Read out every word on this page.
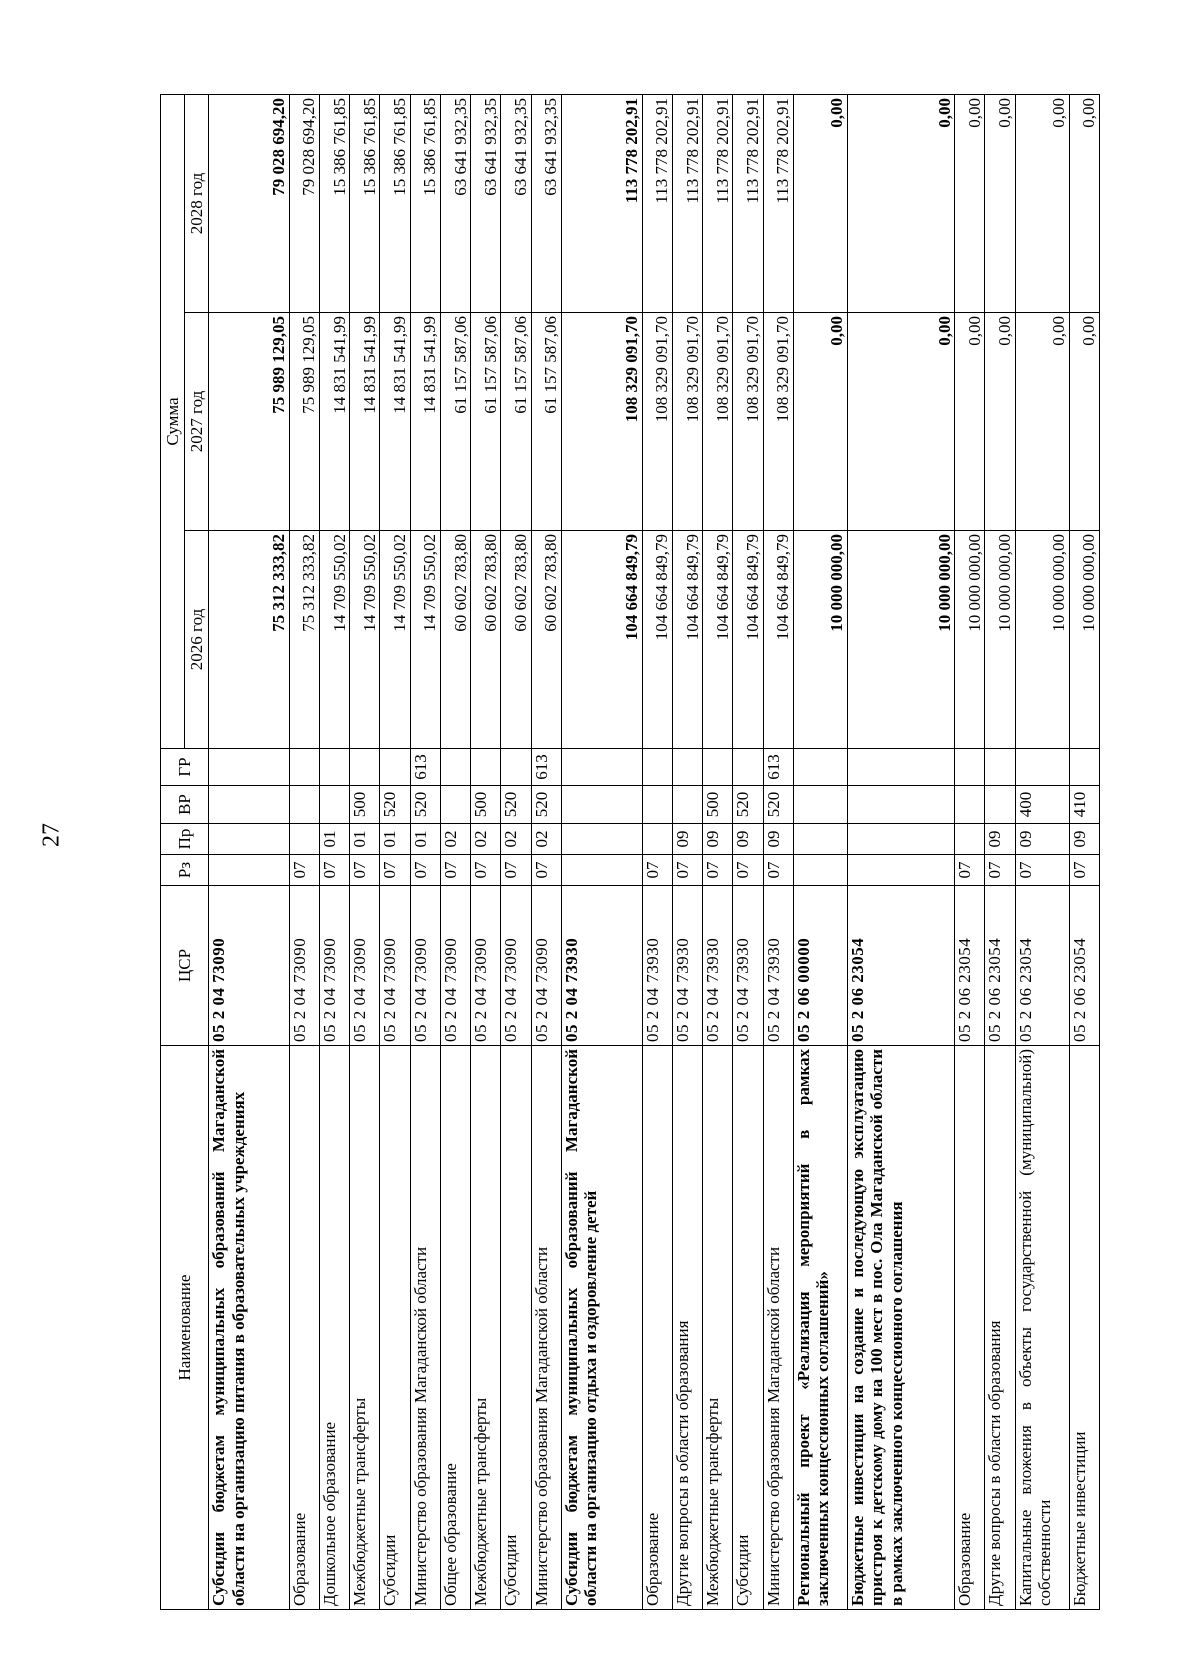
27
Наименование	ЦСР	Рз	Пр	ВР	ГР	Сумма		
						2026 год	2027 год	2028 год
Субсидии бюджетам муниципальных образований Магаданской области на организацию питания в образовательных учреждениях	05 2 04 73090					75 312 333,82	75 989 129,05	79 028 694,20
Образование	05 2 04 73090	07				75 312 333,82	75 989 129,05	79 028 694,20
Дошкольное образование	05 2 04 73090	07	01			14 709 550,02	14 831 541,99	15 386 761,85
Межбюджетные трансферты	05 2 04 73090	07	01	500		14 709 550,02	14 831 541,99	15 386 761,85
Субсидии	05 2 04 73090	07	01	520		14 709 550,02	14 831 541,99	15 386 761,85
Министерство образования Магаданской области	05 2 04 73090	07	01	520	613	14 709 550,02	14 831 541,99	15 386 761,85
Общее образование	05 2 04 73090	07	02			60 602 783,80	61 157 587,06	63 641 932,35
Межбюджетные трансферты	05 2 04 73090	07	02	500		60 602 783,80	61 157 587,06	63 641 932,35
Субсидии	05 2 04 73090	07	02	520		60 602 783,80	61 157 587,06	63 641 932,35
Министерство образования Магаданской области	05 2 04 73090	07	02	520	613	60 602 783,80	61 157 587,06	63 641 932,35
Субсидии бюджетам муниципальных образований Магаданской области на организацию отдыха и оздоровление детей	05 2 04 73930					104 664 849,79	108 329 091,70	113 778 202,91
Образование	05 2 04 73930	07				104 664 849,79	108 329 091,70	113 778 202,91
Другие вопросы в области образования	05 2 04 73930	07	09			104 664 849,79	108 329 091,70	113 778 202,91
Межбюджетные трансферты	05 2 04 73930	07	09	500		104 664 849,79	108 329 091,70	113 778 202,91
Субсидии	05 2 04 73930	07	09	520		104 664 849,79	108 329 091,70	113 778 202,91
Министерство образования Магаданской области	05 2 04 73930	07	09	520	613	104 664 849,79	108 329 091,70	113 778 202,91
Региональный проект «Реализация мероприятий в рамках заключенных концессионных соглашений»	05 2 06 00000					10 000 000,00	0,00	0,00
Бюджетные инвестиции на создание и последующую эксплуатацию пристроя к детскому дому на 100 мест в пос. Ола Магаданской области в рамках заключенного концессионного соглашения	05 2 06 23054					10 000 000,00	0,00	0,00
Образование	05 2 06 23054	07				10 000 000,00	0,00	0,00
Другие вопросы в области образования	05 2 06 23054	07	09			10 000 000,00	0,00	0,00
Капитальные вложения в объекты государственной (муниципальной) собственности	05 2 06 23054	07	09	400		10 000 000,00	0,00	0,00
Бюджетные инвестиции	05 2 06 23054	07	09	410		10 000 000,00	0,00	0,00
